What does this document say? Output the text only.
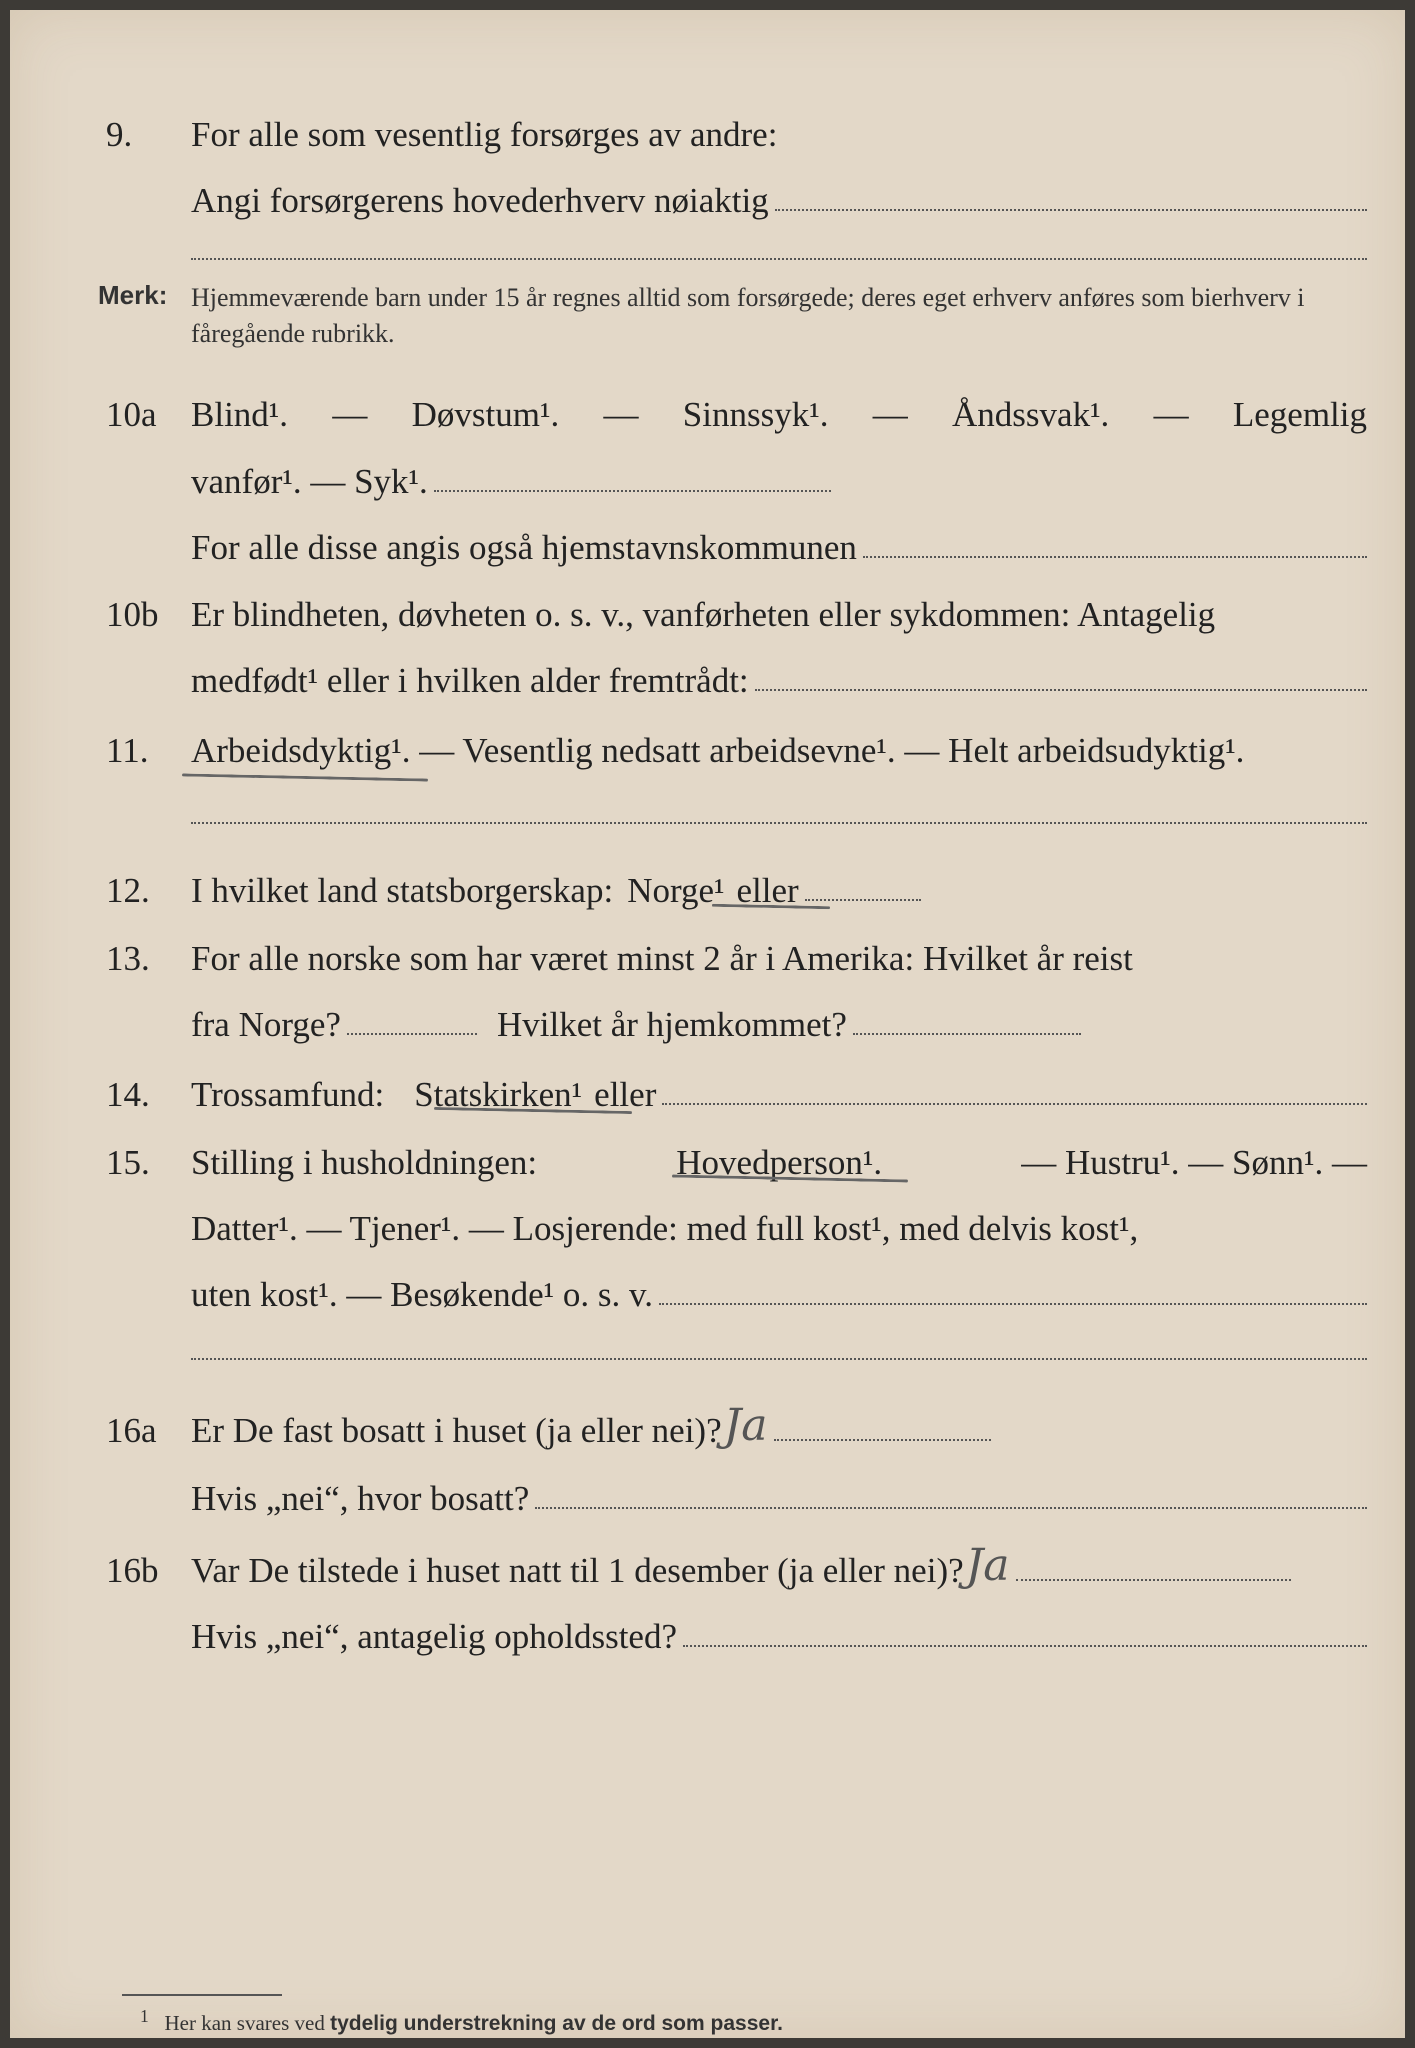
9. For alle som vesentlig forsørges av andre:
Angi forsørgerens hovederhverv nøiaktig
Merk: Hjemmeværende barn under 15 år regnes alltid som forsørgede; deres eget erhverv anføres som bierhverv i fåregående rubrikk.
10a Blind¹. — Døvstum¹. — Sinnssyk¹. — Åndssvak¹. — Legemlig
vanfør¹. — Syk¹.
For alle disse angis også hjemstavnskommunen
10b Er blindheten, døvheten o. s. v., vanførheten eller sykdommen: Antagelig
medfødt¹ eller i hvilken alder fremtrådt:
11. Arbeidsdyktig¹ . — Vesentlig nedsatt arbeidsevne¹. — Helt arbeidsudyktig¹.
12. I hvilket land statsborgerskap: Norge¹ eller
13. For alle norske som har været minst 2 år i Amerika: Hvilket år reist
fra Norge?	Hvilket år hjemkommet?
14. Trossamfund: Statskirken¹ eller
15. Stilling i husholdningen:	Hovedperson¹.	— Hustru¹. — Sønn¹. —
Datter¹. — Tjener¹. — Losjerende: med full kost¹, med delvis kost¹,
uten kost¹. — Besøkende¹ o. s. v.
16a Er De fast bosatt i huset (ja eller nei)? Ja
Hvis „nei“, hvor bosatt?
16b Var De tilstede i huset natt til 1 desember (ja eller nei)? Ja
Hvis „nei“, antagelig opholdssted?
$^1$ Her kan svares ved tydelig understrekning av de ord som passer.
